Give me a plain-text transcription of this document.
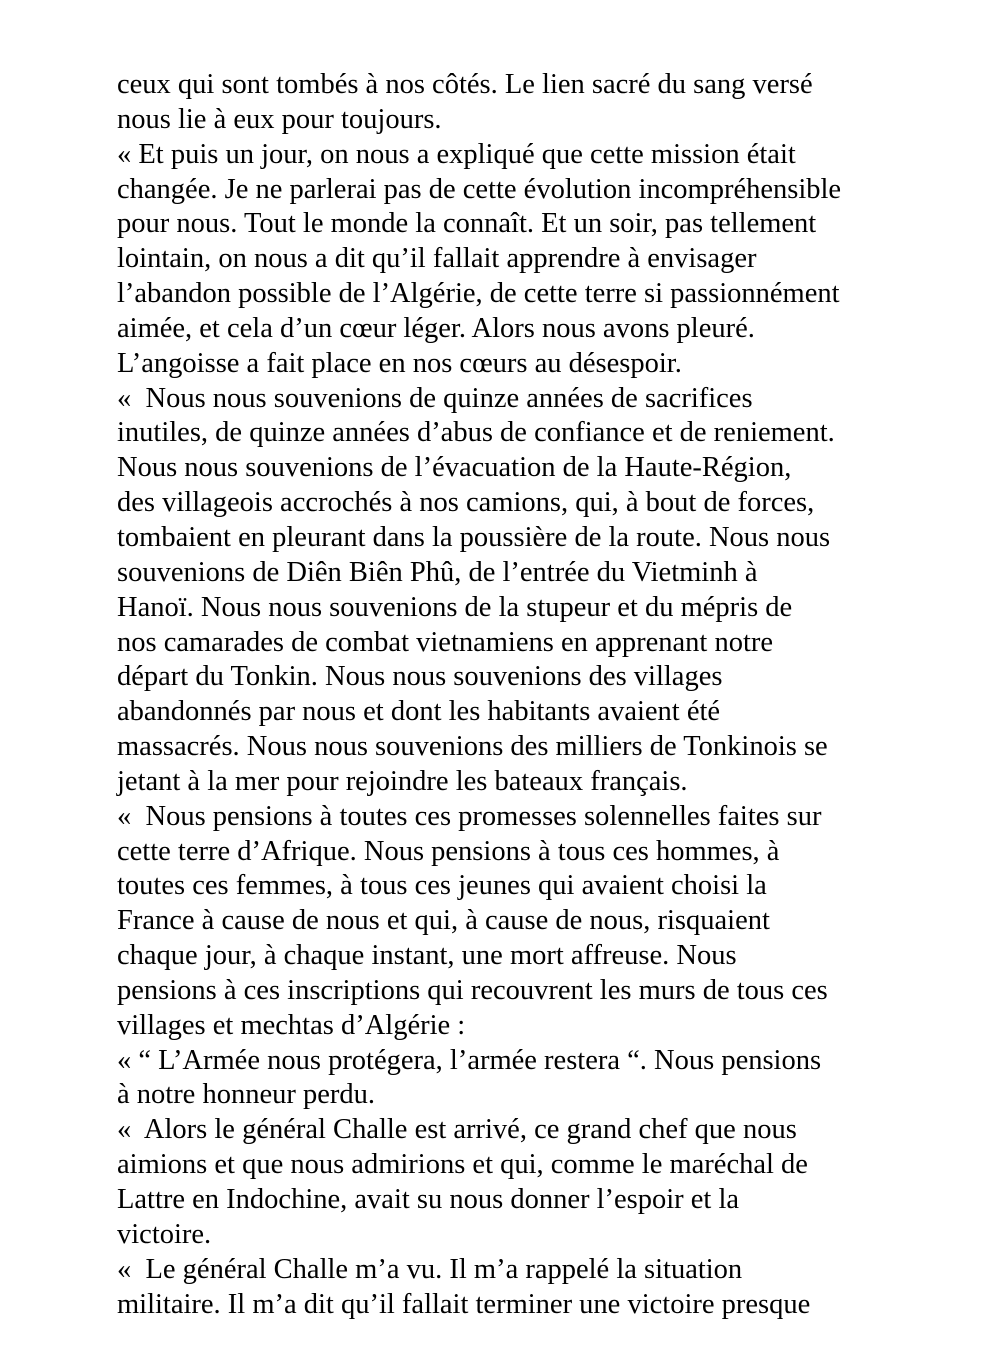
ceux qui sont tombés à nos côtés. Le lien sacré du sang versé
nous lie à eux pour toujours.
« Et puis un jour, on nous a expliqué que cette mission était
changée. Je ne parlerai pas de cette évolution incompréhensible
pour nous. Tout le monde la connaît. Et un soir, pas tellement
lointain, on nous a dit qu’il fallait apprendre à envisager
l’abandon possible de l’Algérie, de cette terre si passionnément
aimée, et cela d’un cœur léger. Alors nous avons pleuré.
L’angoisse a fait place en nos cœurs au désespoir.
«  Nous nous souvenions de quinze années de sacrifices
inutiles, de quinze années d’abus de confiance et de reniement.
Nous nous souvenions de l’évacuation de la Haute-Région,
des villageois accrochés à nos camions, qui, à bout de forces,
tombaient en pleurant dans la poussière de la route. Nous nous
souvenions de Diên Biên Phû, de l’entrée du Vietminh à
Hanoï. Nous nous souvenions de la stupeur et du mépris de
nos camarades de combat vietnamiens en apprenant notre
départ du Tonkin. Nous nous souvenions des villages
abandonnés par nous et dont les habitants avaient été
massacrés. Nous nous souvenions des milliers de Tonkinois se
jetant à la mer pour rejoindre les bateaux français.
«  Nous pensions à toutes ces promesses solennelles faites sur
cette terre d’Afrique. Nous pensions à tous ces hommes, à
toutes ces femmes, à tous ces jeunes qui avaient choisi la
France à cause de nous et qui, à cause de nous, risquaient
chaque jour, à chaque instant, une mort affreuse. Nous
pensions à ces inscriptions qui recouvrent les murs de tous ces
villages et mechtas d’Algérie :
« “ L’Armée nous protégera, l’armée restera “. Nous pensions
à notre honneur perdu.
«  Alors le général Challe est arrivé, ce grand chef que nous
aimions et que nous admirions et qui, comme le maréchal de
Lattre en Indochine, avait su nous donner l’espoir et la
victoire.
«  Le général Challe m’a vu. Il m’a rappelé la situation
militaire. Il m’a dit qu’il fallait terminer une victoire presque
